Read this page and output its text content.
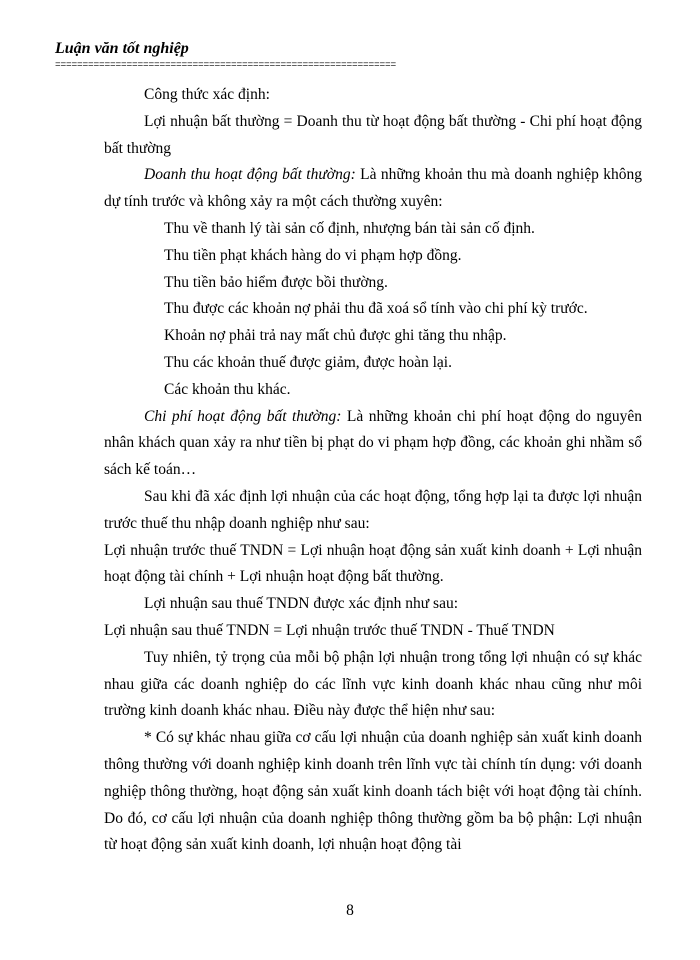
Luận văn tốt nghiệp
==============================================================

Công thức xác định:

Lợi nhuận bất thường = Doanh thu từ hoạt động bất thường - Chi phí hoạt động bất thường

Doanh thu hoạt động bất thường: Là những khoản thu mà doanh nghiệp không dự tính trước và không xảy ra một cách thường xuyên:

Thu về thanh lý tài sản cố định, nhượng bán tài sản cố định.

Thu tiền phạt khách hàng do vi phạm hợp đồng.

Thu tiền bảo hiểm được bồi thường.

Thu được các khoản nợ phải thu đã xoá sổ tính vào chi phí kỳ trước.

Khoản nợ phải trả nay mất chủ được ghi tăng thu nhập.

Thu các khoản thuế được giảm, được hoàn lại.

Các khoản thu khác.

Chi phí hoạt động bất thường: Là những khoản chi phí hoạt động do nguyên nhân khách quan xảy ra như tiền bị phạt do vi phạm hợp đồng, các khoản ghi nhầm sổ sách kế toán…

Sau khi đã xác định lợi nhuận của các hoạt động, tổng hợp lại ta được lợi nhuận trước thuế thu nhập doanh nghiệp như sau:

Lợi nhuận trước thuế TNDN = Lợi nhuận hoạt động sản xuất kinh doanh + Lợi nhuận hoạt động tài chính + Lợi nhuận hoạt động bất thường.

Lợi nhuận sau thuế TNDN được xác định như sau:

Lợi nhuận sau thuế TNDN = Lợi nhuận trước thuế TNDN - Thuế TNDN

Tuy nhiên, tỷ trọng của mỗi bộ phận lợi nhuận trong tổng lợi nhuận có sự khác nhau giữa các doanh nghiệp do các lĩnh vực kinh doanh khác nhau cũng như môi trường kinh doanh khác nhau. Điều này được thể hiện như sau:

* Có sự khác nhau giữa cơ cấu lợi nhuận của doanh nghiệp sản xuất kinh doanh thông thường với doanh nghiệp kinh doanh trên lĩnh vực tài chính tín dụng: với doanh nghiệp thông thường, hoạt động sản xuất kinh doanh tách biệt với hoạt động tài chính. Do đó, cơ cấu lợi nhuận của doanh nghiệp thông thường gồm ba bộ phận: Lợi nhuận từ hoạt động sản xuất kinh doanh, lợi nhuận hoạt động tài

8
